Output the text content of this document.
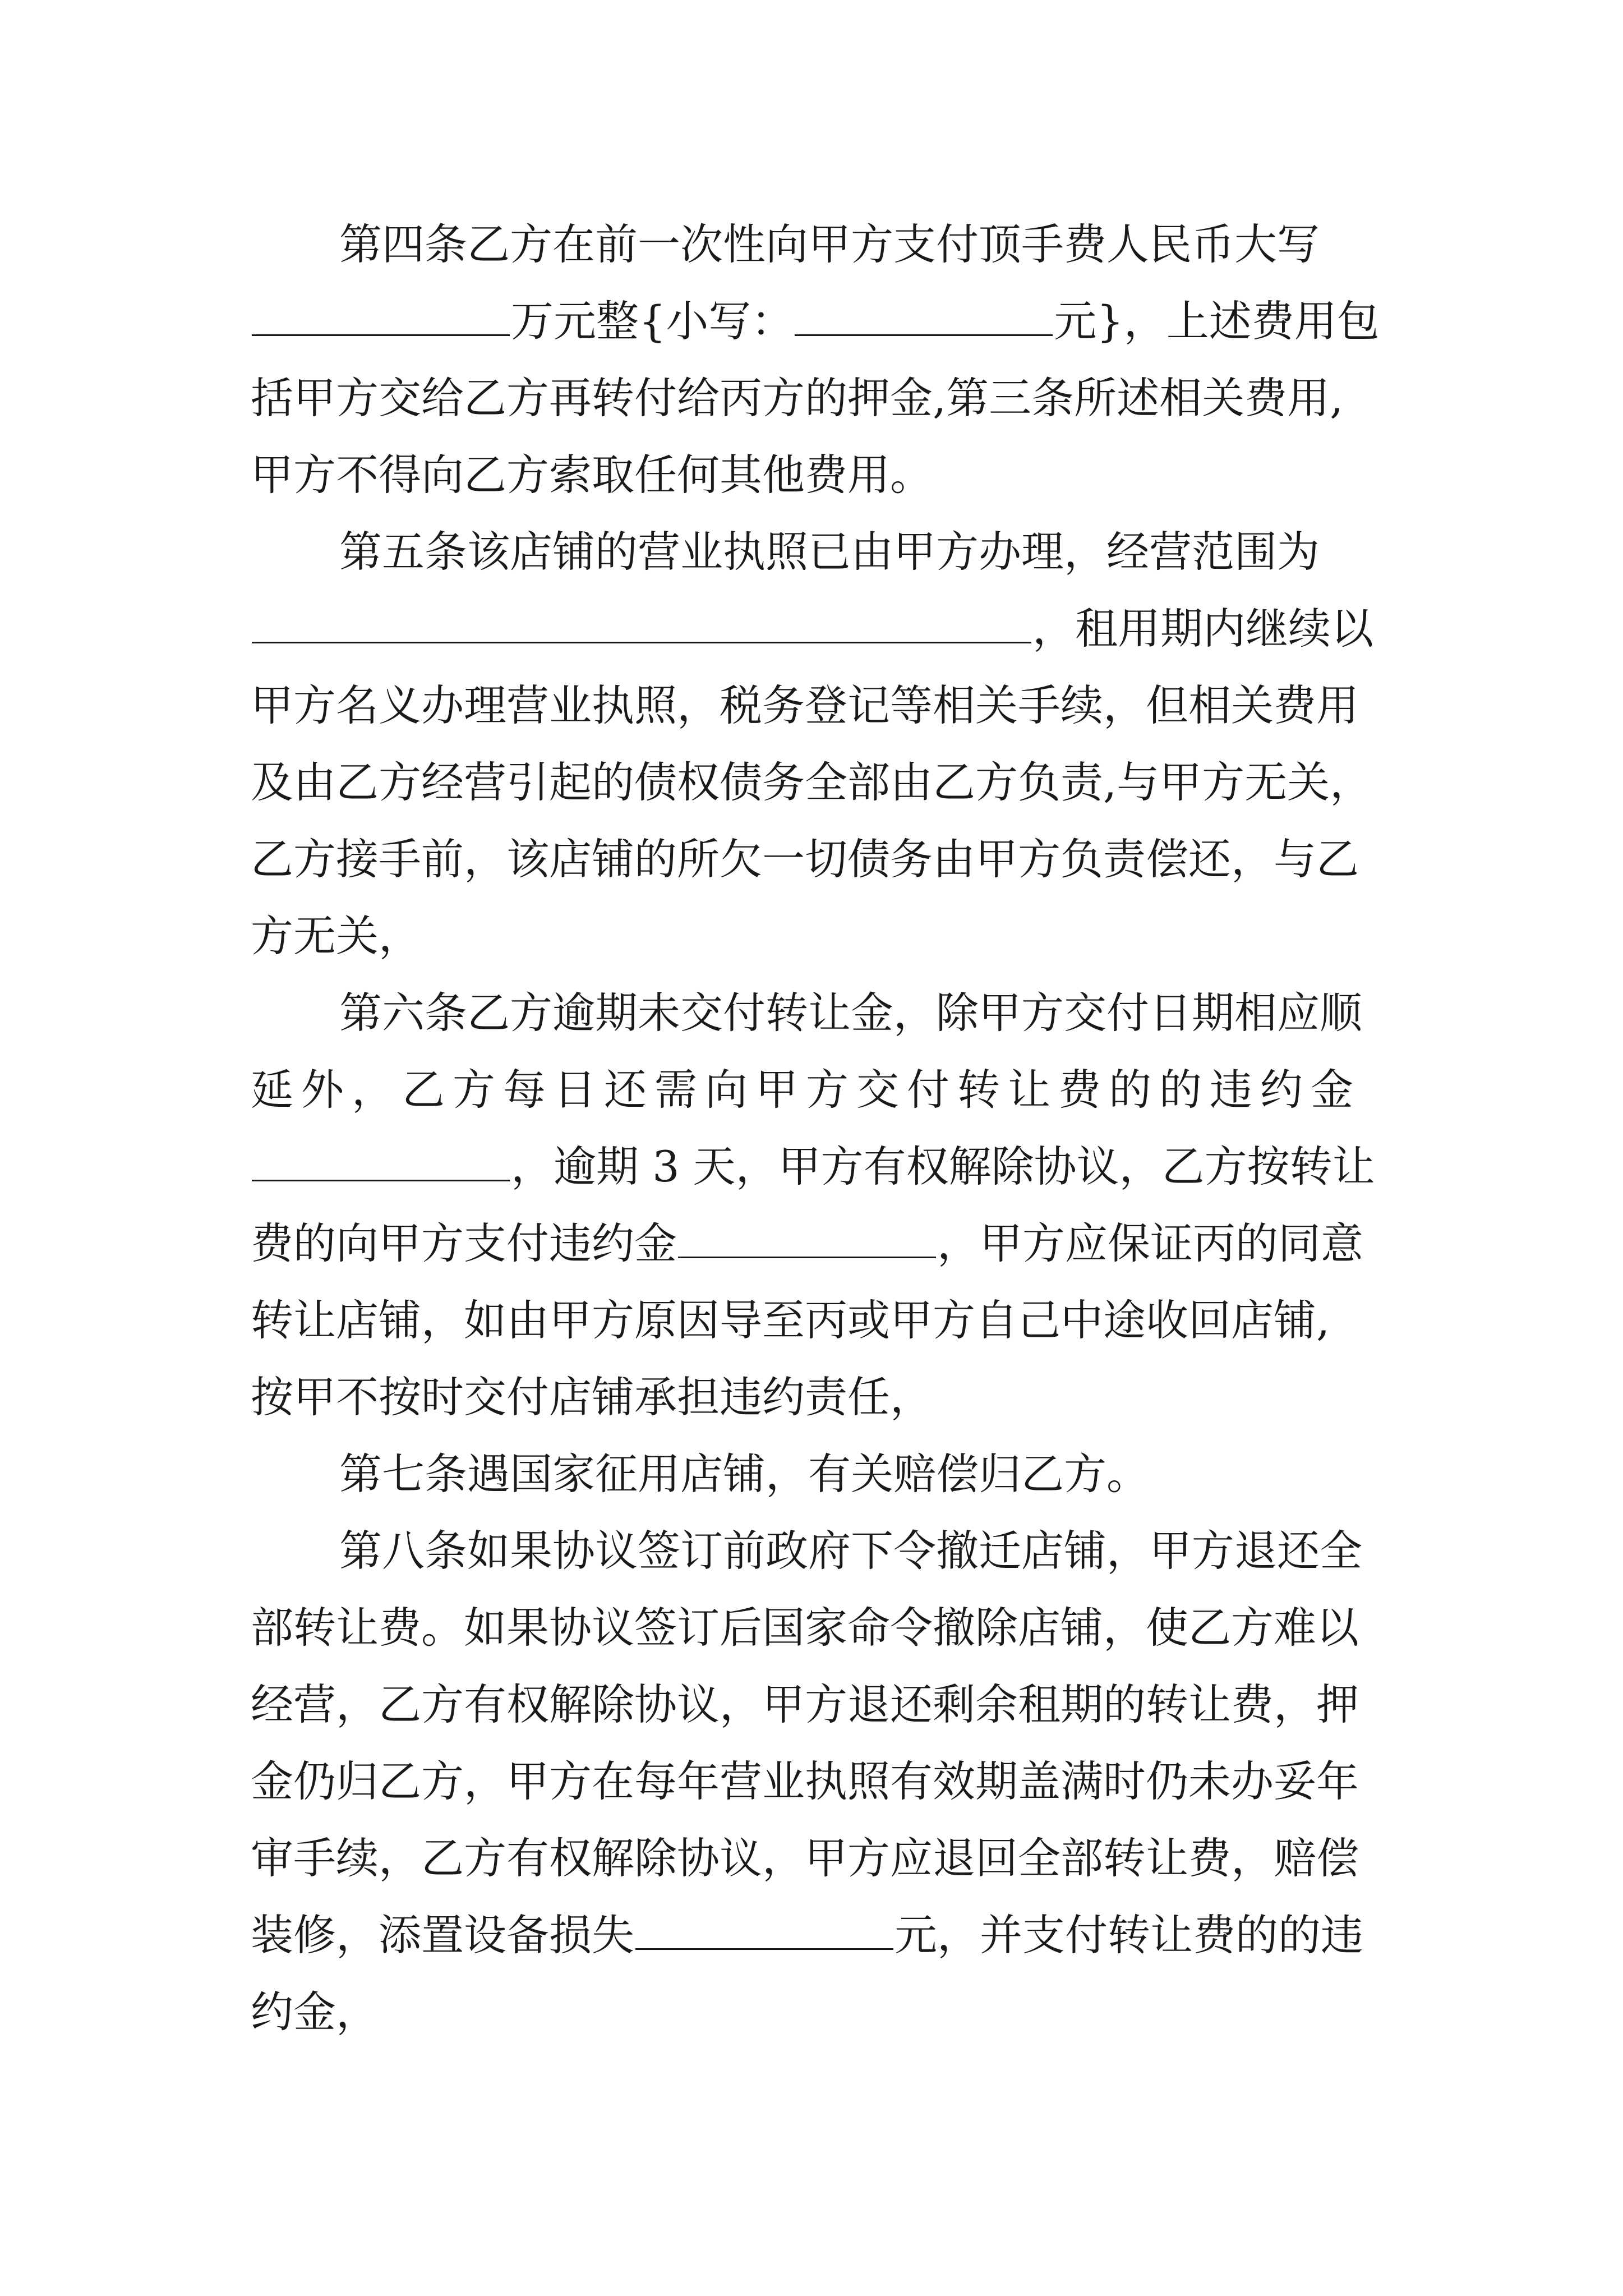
第四条乙方在前一次性向甲方支付顶手费人民币大写
万元整{小写：	元}，上述费用包
括甲方交给乙方再转付给丙方的押金,第三条所述相关费用,
甲方不得向乙方索取任何其他费用。
第五条该店铺的营业执照已由甲方办理，经营范围为
，租用期内继续以
甲方名义办理营业执照，税务登记等相关手续，但相关费用
及由乙方经营引起的债权债务全部由乙方负责,与甲方无关，
乙方接手前，该店铺的所欠一切债务由甲方负责偿还，与乙
方无关，
第六条乙方逾期未交付转让金，除甲方交付日期相应顺
延外，乙方每日还需向甲方交付转让费的的违约金
，逾期 3 天，甲方有权解除协议，乙方按转让
费的向甲方支付违约金	，甲方应保证丙的同意
转让店铺，如由甲方原因导至丙或甲方自己中途收回店铺,
按甲不按时交付店铺承担违约责任，
第七条遇国家征用店铺，有关赔偿归乙方。
第八条如果协议签订前政府下令撤迁店铺，甲方退还全
部转让费。如果协议签订后国家命令撤除店铺，使乙方难以
经营，乙方有权解除协议，甲方退还剩余租期的转让费，押
金仍归乙方，甲方在每年营业执照有效期盖满时仍未办妥年
审手续，乙方有权解除协议，甲方应退回全部转让费，赔偿
装修，添置设备损失	元，并支付转让费的的违
约金，
